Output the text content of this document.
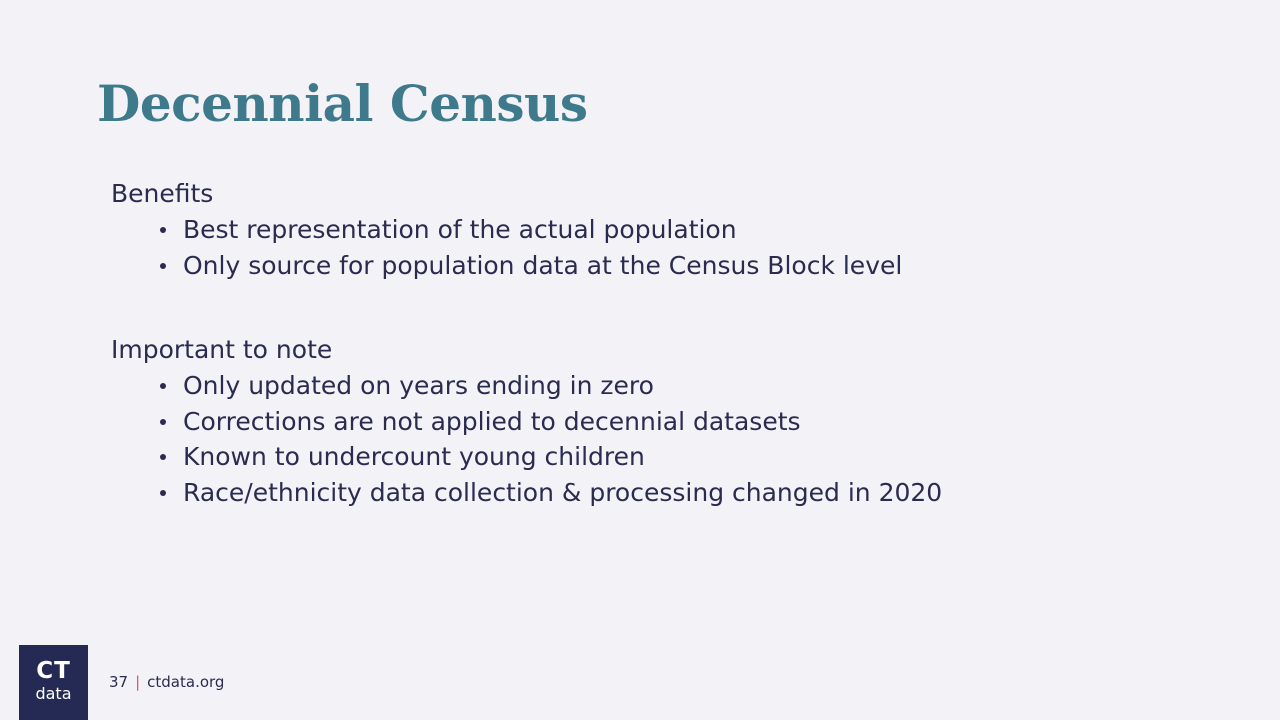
Decennial Census

Benefits

Best representation of the actual population
Only source for population data at the Census Block level

Important to note

Only updated on years ending in zero
Corrections are not applied to decennial datasets
Known to undercount young children
Race/ethnicity data collection & processing changed in 2020
CT
data
37 | ctdata.org
